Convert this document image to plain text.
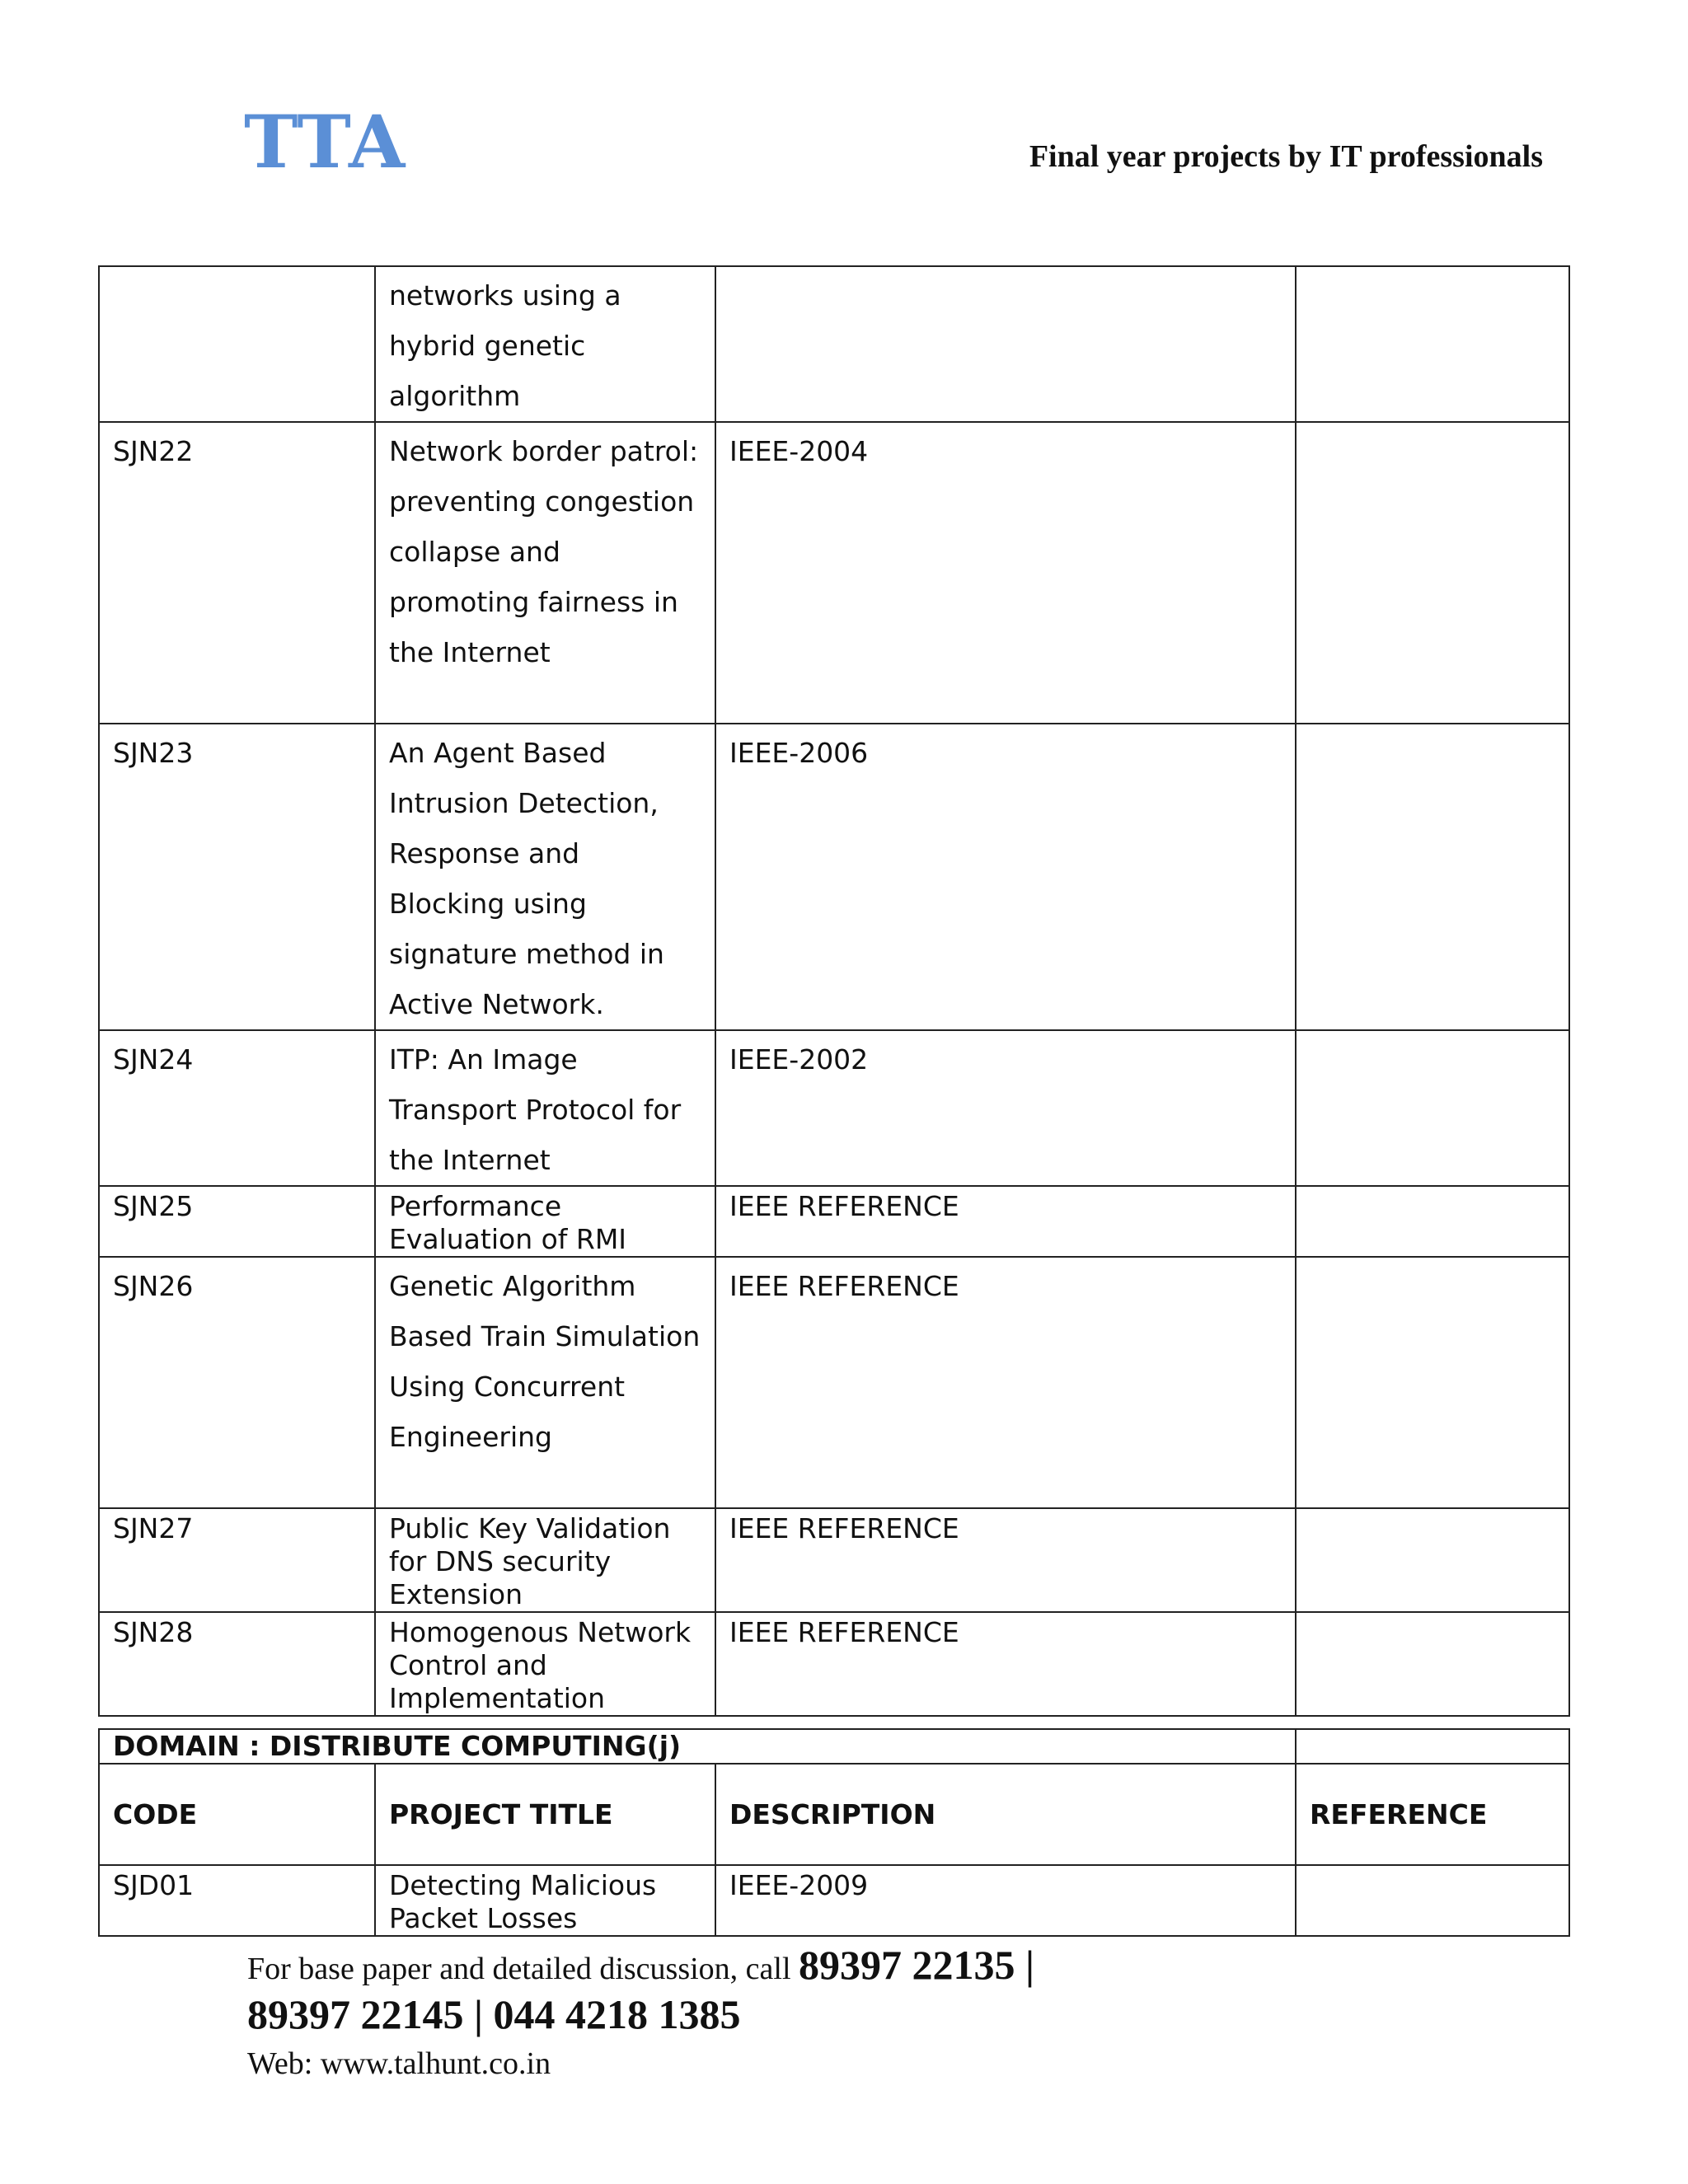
TTA	Final year projects by IT professionals
	networks using a hybrid genetic algorithm		
SJN22	Network border patrol: preventing congestion collapse and promoting fairness in the Internet	IEEE-2004	
SJN23	An Agent Based Intrusion Detection, Response and Blocking using signature method in Active Network.	IEEE-2006	
SJN24	ITP: An Image Transport Protocol for the Internet	IEEE-2002	
SJN25	Performance Evaluation of RMI	IEEE REFERENCE	
SJN26	Genetic Algorithm Based Train Simulation Using Concurrent Engineering	IEEE REFERENCE	
SJN27	Public Key Validation for DNS security Extension	IEEE REFERENCE	
SJN28	Homogenous Network Control and Implementation	IEEE REFERENCE	
DOMAIN : DISTRIBUTE COMPUTING(j)			
CODE	PROJECT TITLE	DESCRIPTION	REFERENCE
SJD01	Detecting Malicious Packet Losses	IEEE-2009	
For base paper and detailed discussion, call 89397 22135 |
89397 22145 | 044 4218 1385
Web: www.talhunt.co.in
